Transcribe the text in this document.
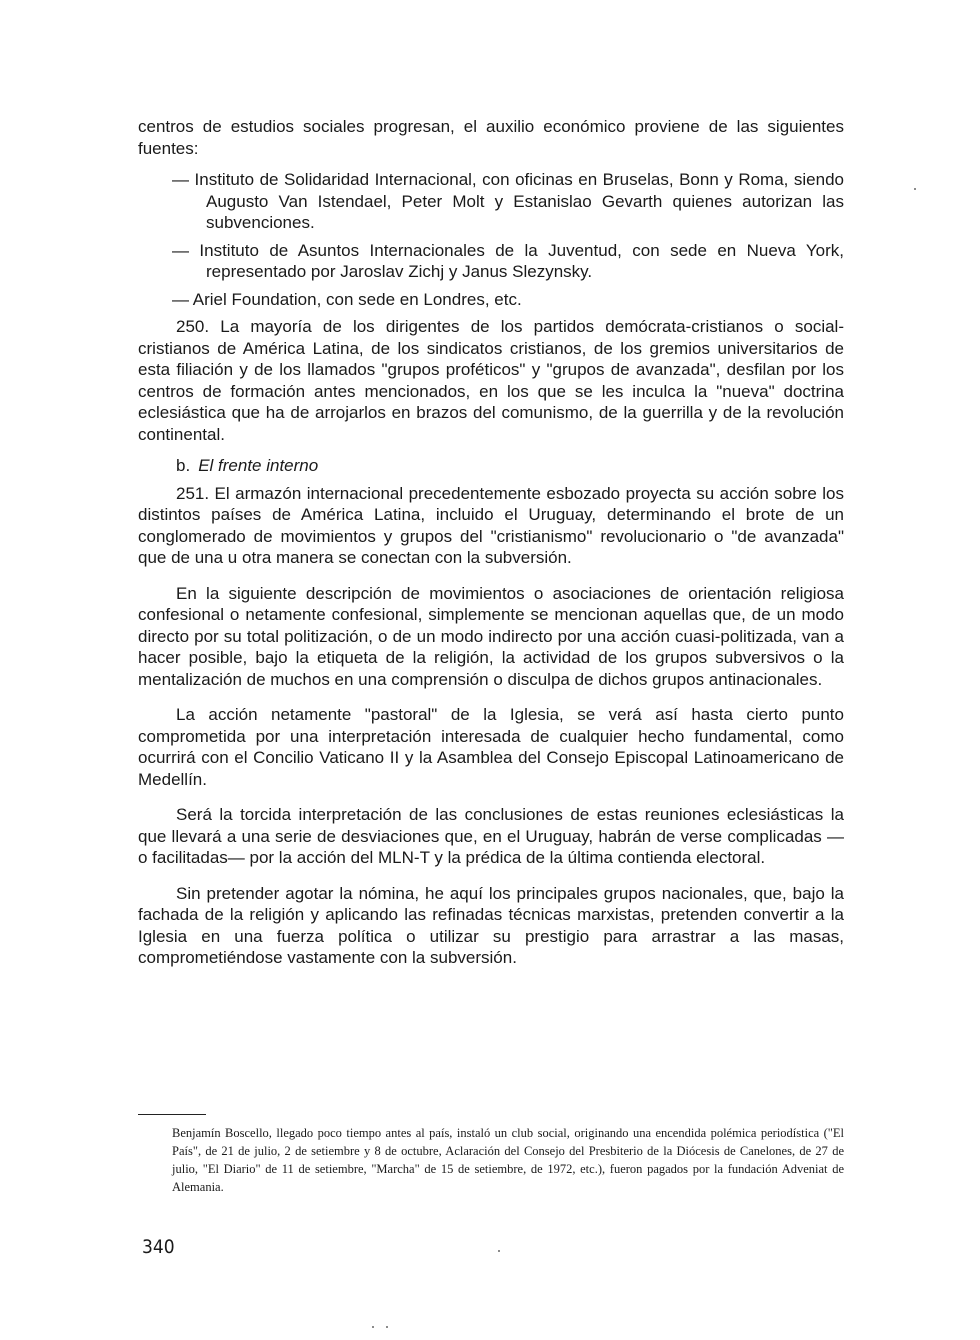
centros de estudios sociales progresan, el auxilio económico proviene de las siguientes fuentes:

— Instituto de Solidaridad Internacional, con oficinas en Bruselas, Bonn y Roma, siendo Augusto Van Istendael, Peter Molt y Estanislao Gevarth quienes autorizan las subvenciones.

— Instituto de Asuntos Internacionales de la Juventud, con sede en Nueva York, representado por Jaroslav Zichj y Janus Slezynsky.

— Ariel Foundation, con sede en Londres, etc.

250. La mayoría de los dirigentes de los partidos demócrata-cristianos o social-cristianos de América Latina, de los sindicatos cristianos, de los gremios universitarios de esta filiación y de los llamados "grupos proféticos" y "grupos de avanzada", desfilan por los centros de formación antes mencionados, en los que se les inculca la "nueva" doctrina eclesiástica que ha de arrojarlos en brazos del comunismo, de la guerrilla y de la revolución continental.

b. El frente interno

251. El armazón internacional precedentemente esbozado proyecta su acción sobre los distintos países de América Latina, incluido el Uruguay, determinando el brote de un conglomerado de movimientos y grupos del "cristianismo" revolucionario o "de avanzada" que de una u otra manera se conectan con la subversión.

En la siguiente descripción de movimientos o asociaciones de orientación religiosa confesional o netamente confesional, simplemente se mencionan aquellas que, de un modo directo por su total politización, o de un modo indirecto por una acción cuasi-politizada, van a hacer posible, bajo la etiqueta de la religión, la actividad de los grupos subversivos o la mentalización de muchos en una comprensión o disculpa de dichos grupos antinacionales.

La acción netamente "pastoral" de la Iglesia, se verá así hasta cierto punto comprometida por una interpretación interesada de cualquier hecho fundamental, como ocurrirá con el Concilio Vaticano II y la Asamblea del Consejo Episcopal Latinoamericano de Medellín.

Será la torcida interpretación de las conclusiones de estas reuniones eclesiásticas la que llevará a una serie de desviaciones que, en el Uruguay, habrán de verse complicadas —o facilitadas— por la acción del MLN-T y la prédica de la última contienda electoral.

Sin pretender agotar la nómina, he aquí los principales grupos nacionales, que, bajo la fachada de la religión y aplicando las refinadas técnicas marxistas, pretenden convertir a la Iglesia en una fuerza política o utilizar su prestigio para arrastrar a las masas, comprometiéndose vastamente con la subversión.

Benjamín Boscello, llegado poco tiempo antes al país, instaló un club social, originando una encendida polémica periodística ("El País", de 21 de julio, 2 de setiembre y 8 de octubre, Aclaración del Consejo del Presbiterio de la Diócesis de Canelones, de 27 de julio, "El Diario" de 11 de setiembre, "Marcha" de 15 de setiembre, de 1972, etc.), fueron pagados por la fundación Adveniat de Alemania.

340
